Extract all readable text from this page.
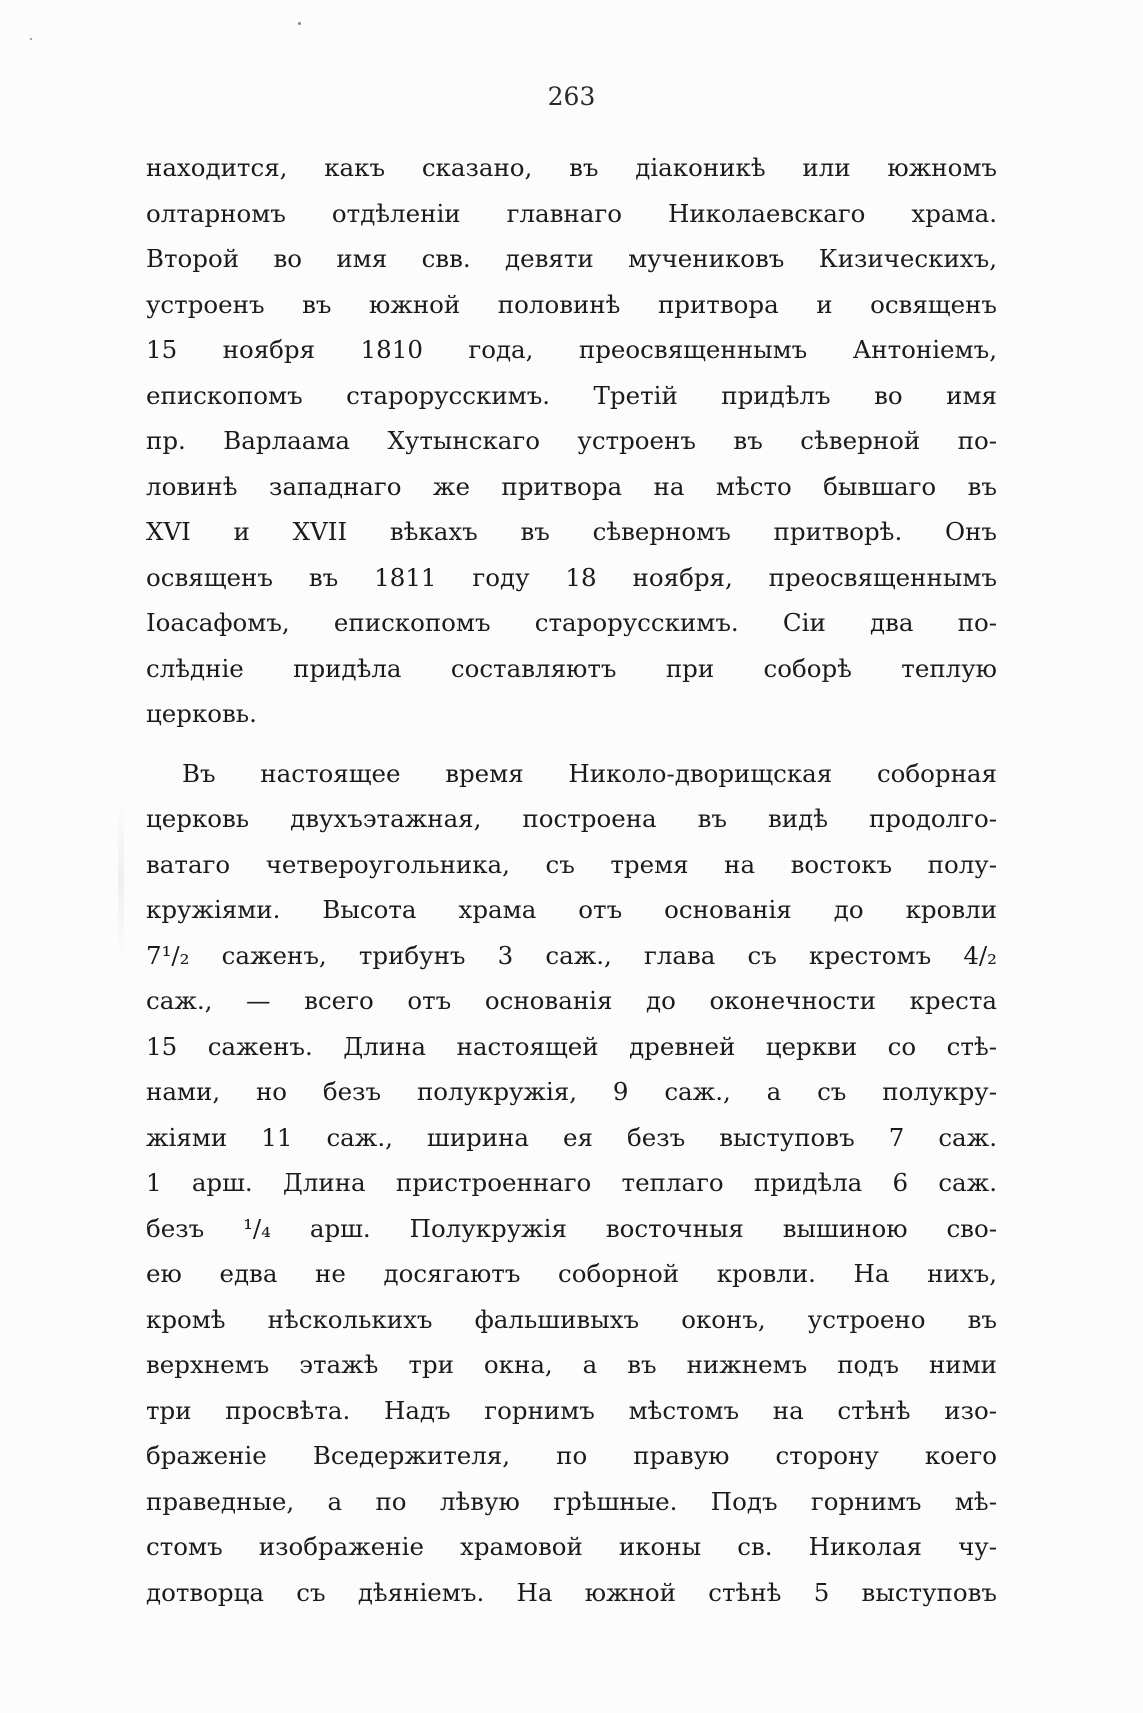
263
находится, какъ сказано, въ діаконикѣ или южномъ
олтарномъ отдѣленіи главнаго Николаевскаго храма.
Второй во имя свв. девяти мучениковъ Кизическихъ,
устроенъ въ южной половинѣ притвора и освященъ
15 ноября 1810 года, преосвященнымъ Антоніемъ,
епископомъ старорусскимъ. Третій придѣлъ во имя
пр. Варлаама Хутынскаго устроенъ въ сѣверной по-
ловинѣ западнаго же притвора на мѣсто бывшаго въ
XVI и XVII вѣкахъ въ сѣверномъ притворѣ. Онъ
освященъ въ 1811 году 18 ноября, преосвященнымъ
Іоасафомъ, епископомъ старорусскимъ. Сіи два по-
слѣдніе придѣла составляютъ при соборѣ теплую
церковь.
Въ настоящее время Николо-дворищская соборная
церковь двухъэтажная, построена въ видѣ продолго-
ватаго четвероугольника, съ тремя на востокъ полу-
кружіями. Высота храма отъ основанія до кровли
7¹/₂ саженъ, трибунъ 3 саж., глава съ крестомъ 4/₂
саж., — всего отъ основанія до оконечности креста
15 саженъ. Длина настоящей древней церкви со стѣ-
нами, но безъ полукружія, 9 саж., а съ полукру-
жіями 11 саж., ширина ея безъ выступовъ 7 саж.
1 арш. Длина пристроеннаго теплаго придѣла 6 саж.
безъ ¹/₄ арш. Полукружія восточныя вышиною сво-
ею едва не досягаютъ соборной кровли. На нихъ,
кромѣ нѣсколькихъ фальшивыхъ оконъ, устроено въ
верхнемъ этажѣ три окна, а въ нижнемъ подъ ними
три просвѣта. Надъ горнимъ мѣстомъ на стѣнѣ изо-
браженіе Вседержителя, по правую сторону коего
праведные, а по лѣвую грѣшные. Подъ горнимъ мѣ-
стомъ изображеніе храмовой иконы св. Николая чу-
дотворца съ дѣяніемъ. На южной стѣнѣ 5 выступовъ
